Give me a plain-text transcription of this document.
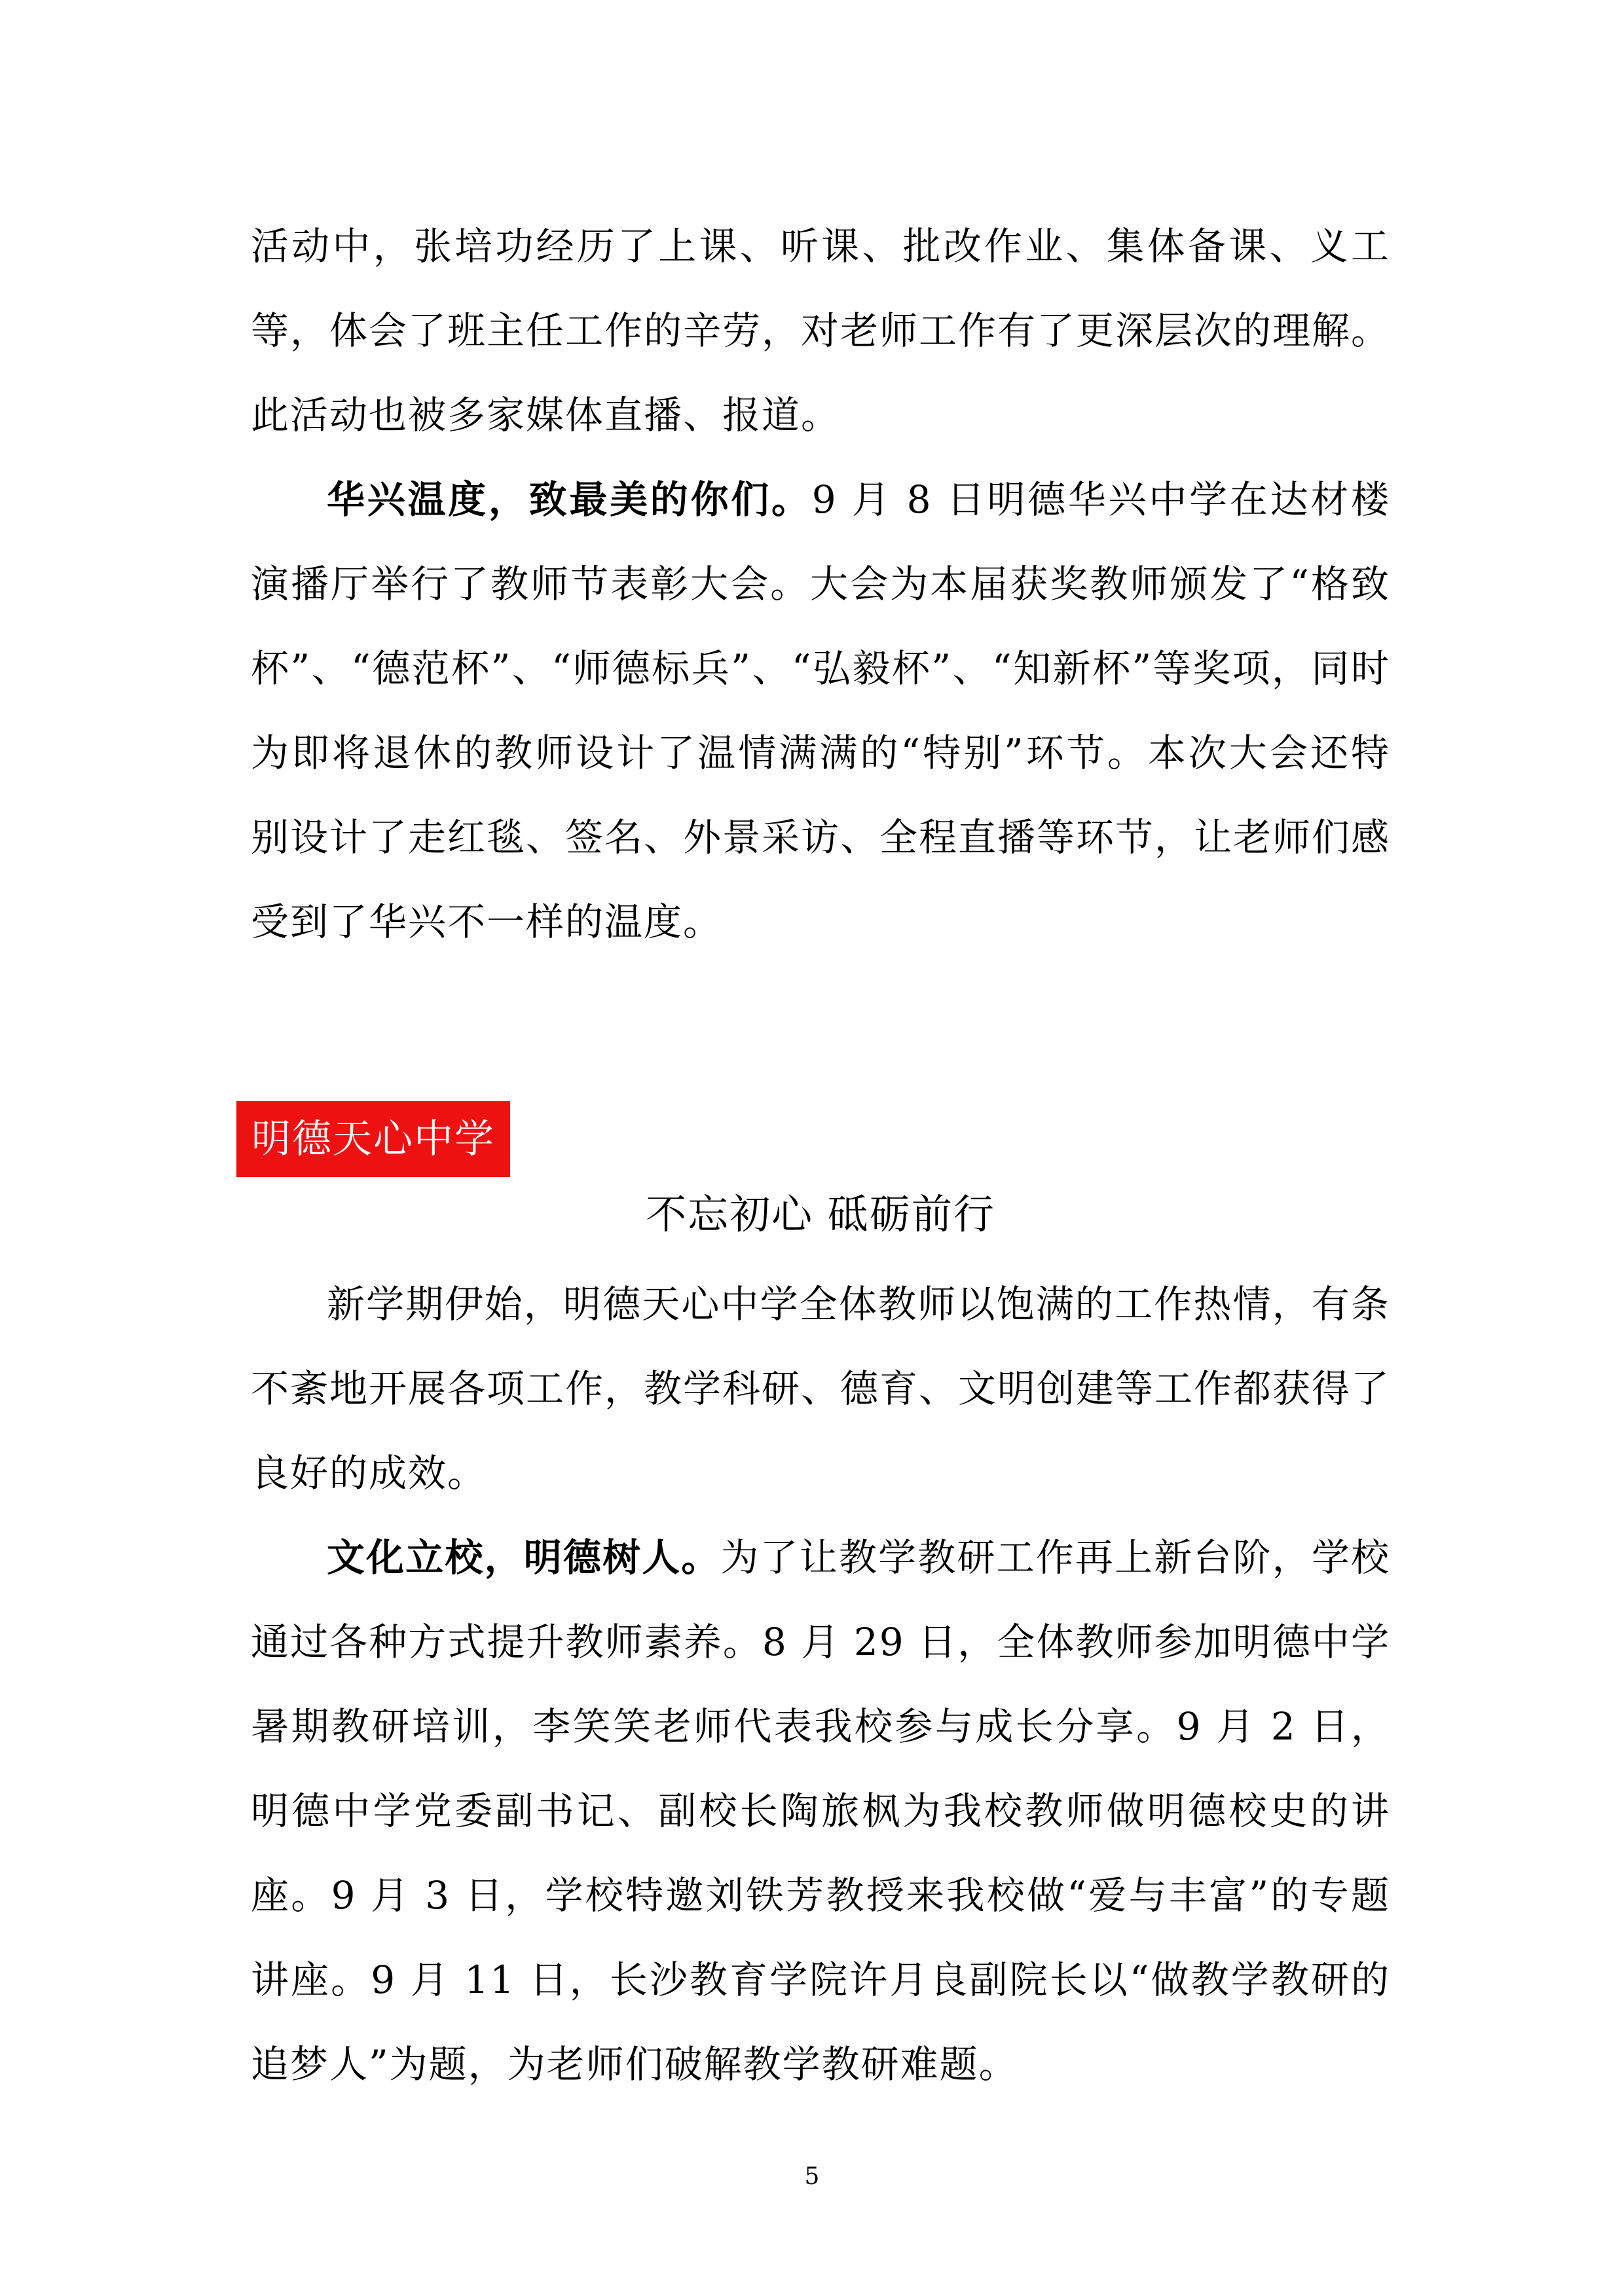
活动中，张培功经历了上课、听课、批改作业、集体备课、义工等，体会了班主任工作的辛劳，对老师工作有了更深层次的理解。此活动也被多家媒体直播、报道。

华兴温度，致最美的你们。9 月 8 日明德华兴中学在达材楼演播厅举行了教师节表彰大会。大会为本届获奖教师颁发了“格致杯”、“德范杯”、“师德标兵”、“弘毅杯”、“知新杯”等奖项，同时为即将退休的教师设计了温情满满的“特别”环节。本次大会还特别设计了走红毯、签名、外景采访、全程直播等环节，让老师们感受到了华兴不一样的温度。

明德天心中学
不忘初心 砥砺前行

新学期伊始，明德天心中学全体教师以饱满的工作热情，有条不紊地开展各项工作，教学科研、德育、文明创建等工作都获得了良好的成效。

文化立校，明德树人。为了让教学教研工作再上新台阶，学校通过各种方式提升教师素养。8 月 29 日，全体教师参加明德中学暑期教研培训，李笑笑老师代表我校参与成长分享。9 月 2 日，明德中学党委副书记、副校长陶旅枫为我校教师做明德校史的讲座。9 月 3 日，学校特邀刘铁芳教授来我校做“爱与丰富”的专题讲座。9 月 11 日，长沙教育学院许月良副院长以“做教学教研的追梦人”为题，为老师们破解教学教研难题。

5
